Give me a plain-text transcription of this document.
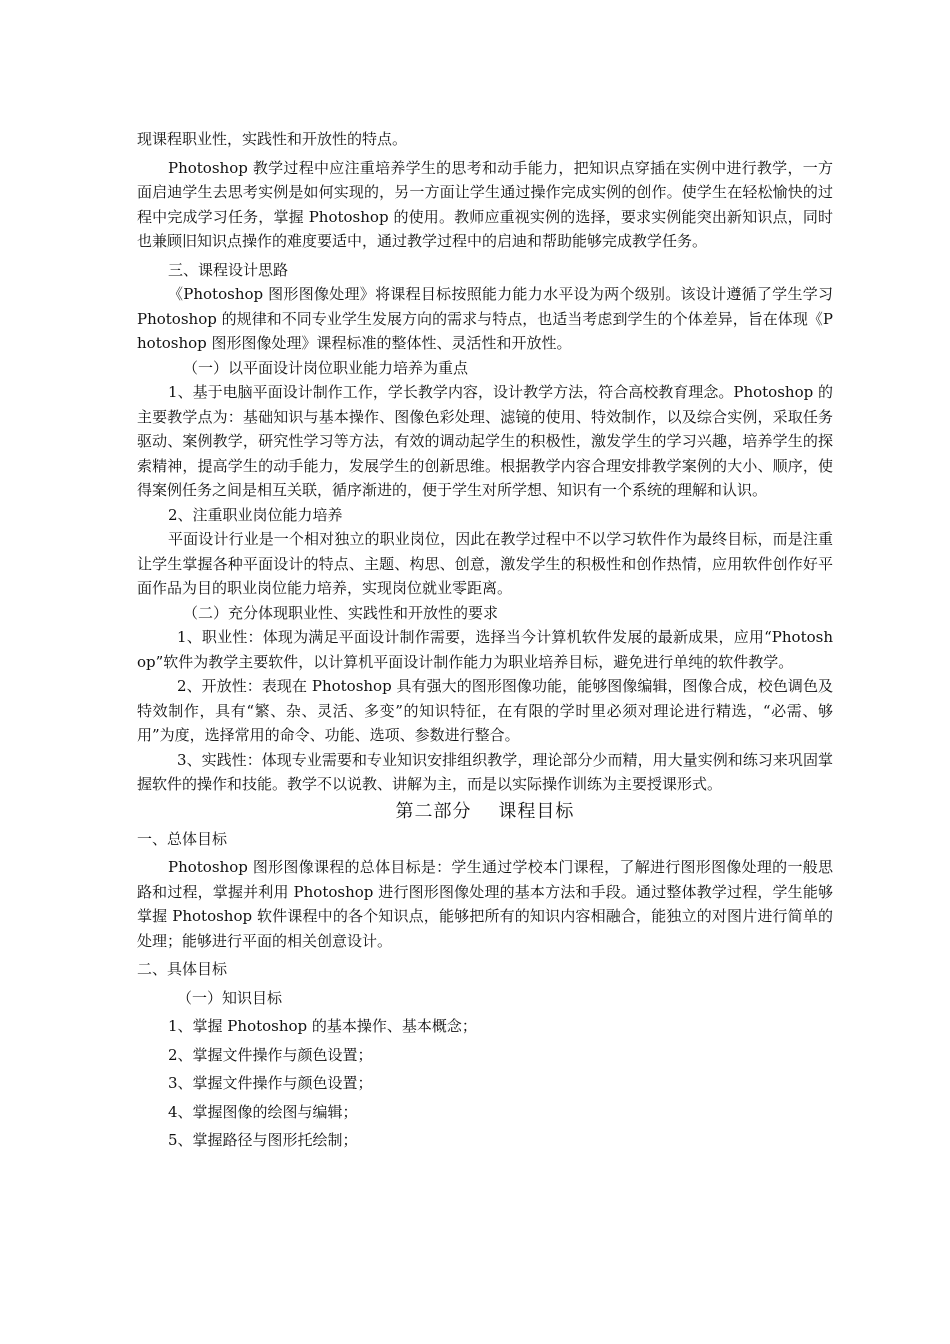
现课程职业性，实践性和开放性的特点。

Photoshop 教学过程中应注重培养学生的思考和动手能力，把知识点穿插在实例中进行教学，一方面启迪学生去思考实例是如何实现的，另一方面让学生通过操作完成实例的创作。使学生在轻松愉快的过程中完成学习任务，掌握 Photoshop 的使用。教师应重视实例的选择，要求实例能突出新知识点，同时也兼顾旧知识点操作的难度要适中，通过教学过程中的启迪和帮助能够完成教学任务。

三、课程设计思路

《Photoshop 图形图像处理》将课程目标按照能力能力水平设为两个级别。该设计遵循了学生学习 Photoshop 的规律和不同专业学生发展方向的需求与特点，也适当考虑到学生的个体差异，旨在体现《Photoshop 图形图像处理》课程标准的整体性、灵活性和开放性。

（一）以平面设计岗位职业能力培养为重点

1、基于电脑平面设计制作工作，学长教学内容，设计教学方法，符合高校教育理念。Photoshop 的主要教学点为：基础知识与基本操作、图像色彩处理、滤镜的使用、特效制作，以及综合实例，采取任务驱动、案例教学，研究性学习等方法，有效的调动起学生的积极性，激发学生的学习兴趣，培养学生的探索精神，提高学生的动手能力，发展学生的创新思维。根据教学内容合理安排教学案例的大小、顺序，使得案例任务之间是相互关联，循序渐进的，便于学生对所学想、知识有一个系统的理解和认识。

2、注重职业岗位能力培养

平面设计行业是一个相对独立的职业岗位，因此在教学过程中不以学习软件作为最终目标，而是注重让学生掌握各种平面设计的特点、主题、构思、创意，激发学生的积极性和创作热情，应用软件创作好平面作品为目的职业岗位能力培养，实现岗位就业零距离。

（二）充分体现职业性、实践性和开放性的要求

1、职业性：体现为满足平面设计制作需要，选择当今计算机软件发展的最新成果，应用“Photoshop”软件为教学主要软件，以计算机平面设计制作能力为职业培养目标，避免进行单纯的软件教学。

2、开放性：表现在 Photoshop 具有强大的图形图像功能，能够图像编辑，图像合成，校色调色及特效制作，具有“繁、杂、灵活、多变”的知识特征，在有限的学时里必须对理论进行精选，“必需、够用”为度，选择常用的命令、功能、选项、参数进行整合。

3、实践性：体现专业需要和专业知识安排组织教学，理论部分少而精，用大量实例和练习来巩固掌握软件的操作和技能。教学不以说教、讲解为主，而是以实际操作训练为主要授课形式。

第二部分    课程目标

一、总体目标

Photoshop 图形图像课程的总体目标是：学生通过学校本门课程，了解进行图形图像处理的一般思路和过程，掌握并利用 Photoshop 进行图形图像处理的基本方法和手段。通过整体教学过程，学生能够掌握 Photoshop 软件课程中的各个知识点，能够把所有的知识内容相融合，能独立的对图片进行简单的处理；能够进行平面的相关创意设计。

二、具体目标

（一）知识目标

1、掌握 Photoshop 的基本操作、基本概念；

2、掌握文件操作与颜色设置；

3、掌握文件操作与颜色设置；

4、掌握图像的绘图与编辑；

5、掌握路径与图形托绘制；
